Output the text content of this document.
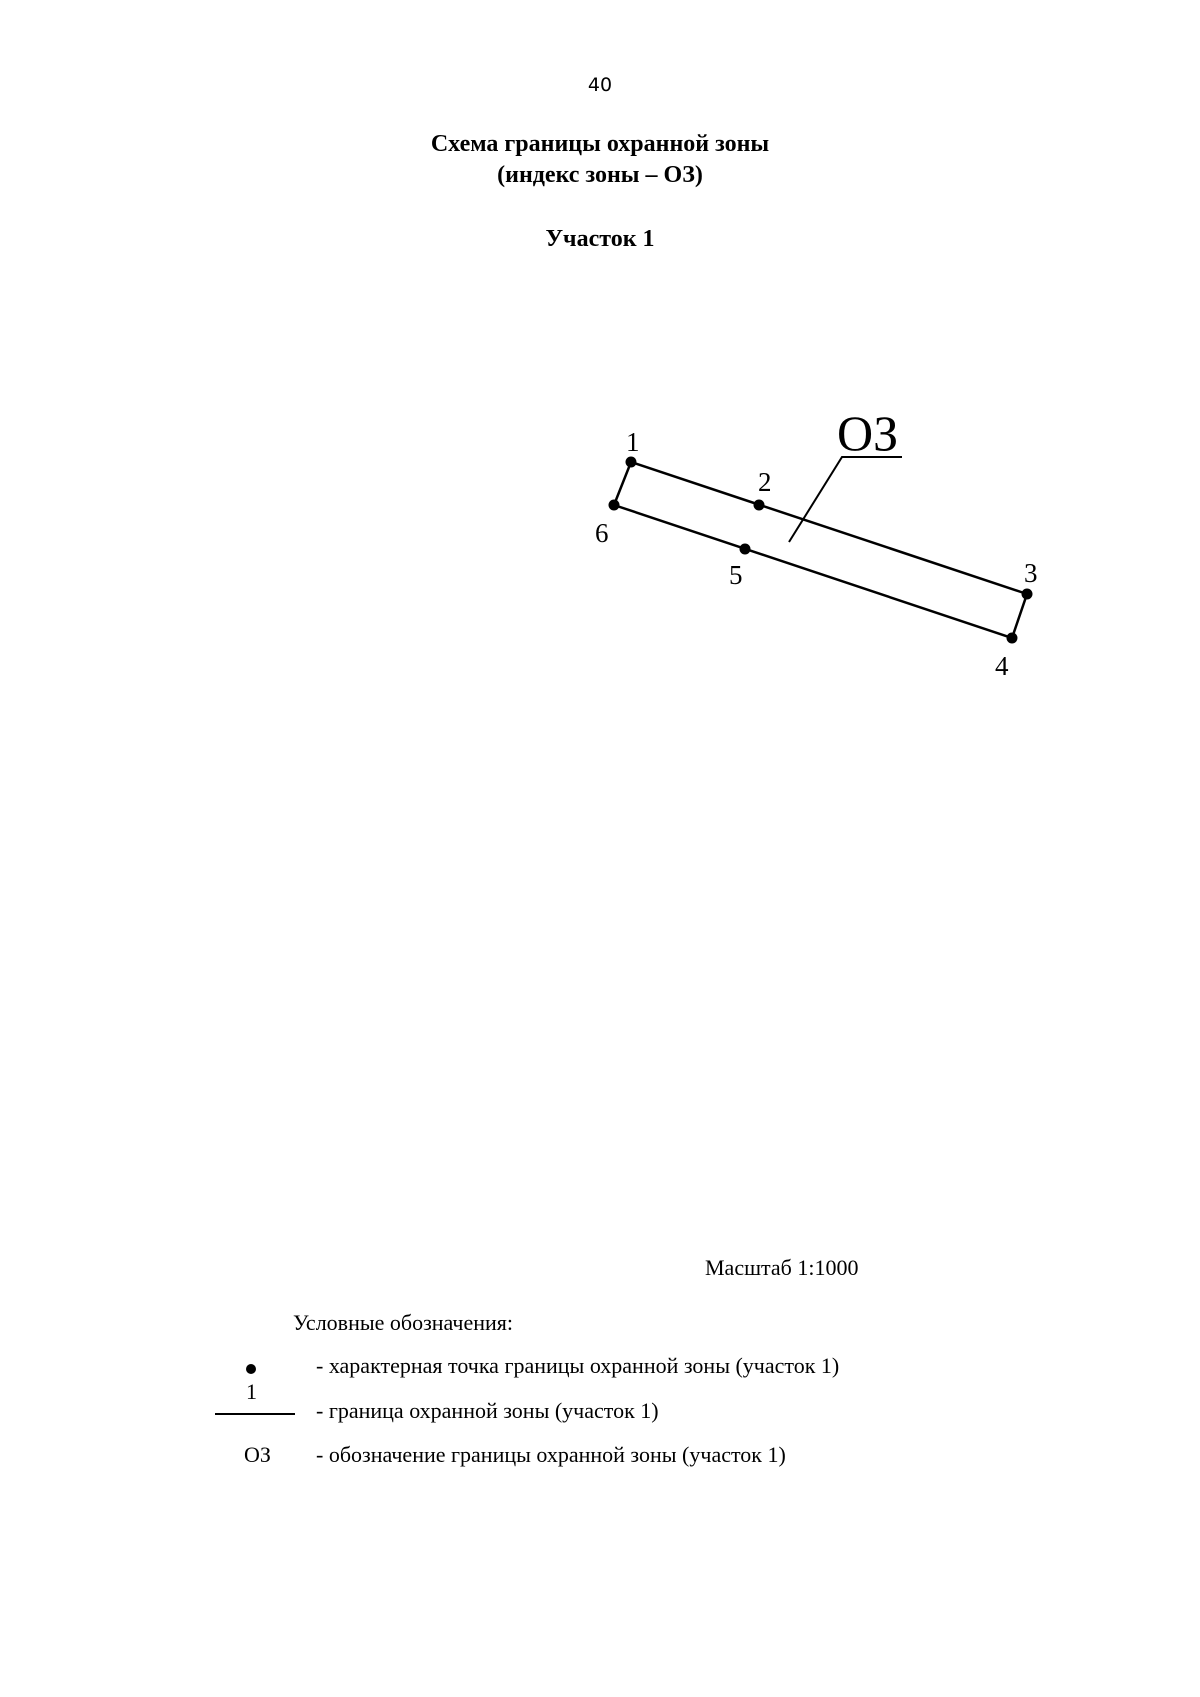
40
Схема границы охранной зоны
(индекс зоны – ОЗ)
Участок 1
1
2
3
4
5
6
ОЗ
Масштаб 1:1000
Условные обозначения:
1
- характерная точка границы охранной зоны (участок 1)
- граница охранной зоны (участок 1)
ОЗ - обозначение границы охранной зоны (участок 1)
